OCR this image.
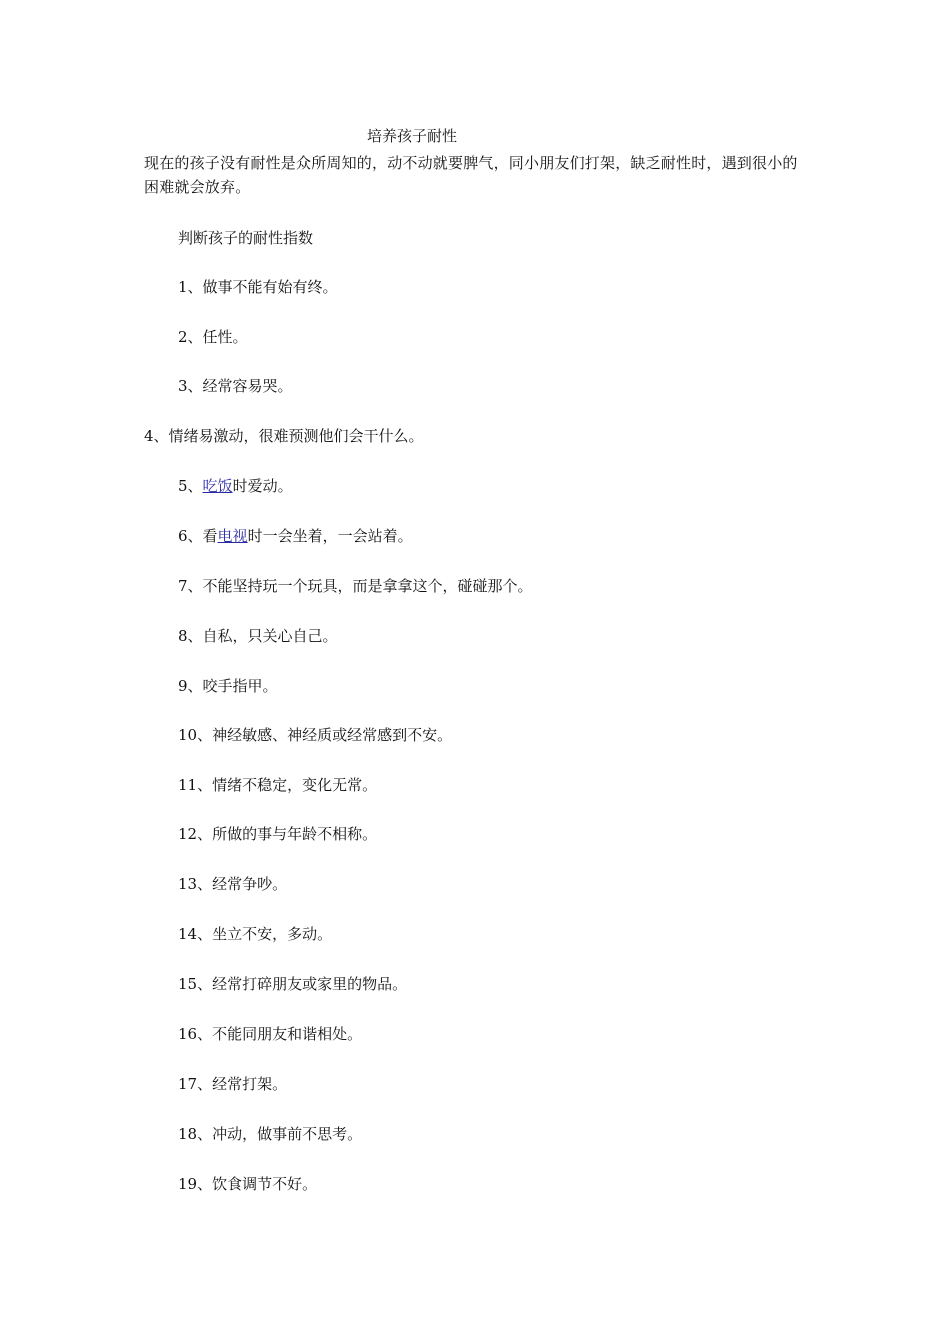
培养孩子耐性
现在的孩子没有耐性是众所周知的，动不动就要脾气，同小朋友们打架，缺乏耐性时，遇到很小的困难就会放弃。
判断孩子的耐性指数
1、做事不能有始有终。
2、任性。
3、经常容易哭。
4、情绪易激动，很难预测他们会干什么。
5、吃饭时爱动。
6、看电视时一会坐着，一会站着。
7、不能坚持玩一个玩具，而是拿拿这个，碰碰那个。
8、自私，只关心自己。
9、咬手指甲。
10、神经敏感、神经质或经常感到不安。
11、情绪不稳定，变化无常。
12、所做的事与年龄不相称。
13、经常争吵。
14、坐立不安，多动。
15、经常打碎朋友或家里的物品。
16、不能同朋友和谐相处。
17、经常打架。
18、冲动，做事前不思考。
19、饮食调节不好。
